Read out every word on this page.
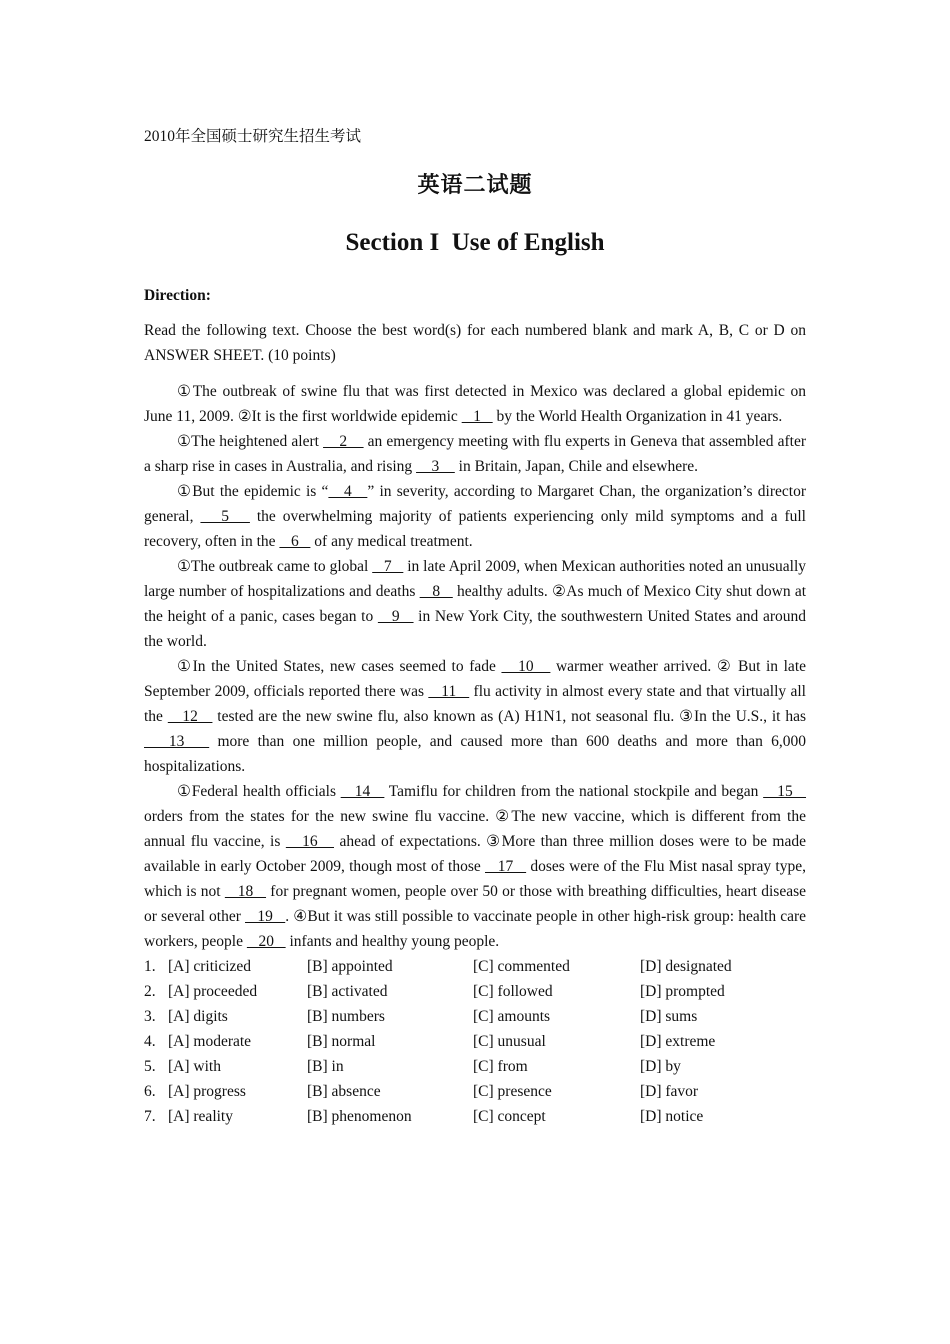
2010年全国硕士研究生招生考试
英语二试题
Section I  Use of English
Direction:
Read the following text. Choose the best word(s) for each numbered blank and mark A, B, C or D on ANSWER SHEET. (10 points)

①The outbreak of swine flu that was first detected in Mexico was declared a global epidemic on June 11, 2009. ②It is the first worldwide epidemic    1    by the World Health Organization in 41 years.

①The heightened alert     2     an emergency meeting with flu experts in Geneva that assembled after a sharp rise in cases in Australia, and rising     3     in Britain, Japan, Chile and elsewhere.

①But the epidemic is “   4   ” in severity, according to Margaret Chan, the organization’s director general,    5    the overwhelming majority of patients experiencing only mild symptoms and a full recovery, often in the    6    of any medical treatment.

①The outbreak came to global    7    in late April 2009, when Mexican authorities noted an unusually large number of hospitalizations and deaths    8    healthy adults. ②As much of Mexico City shut down at the height of a panic, cases began to    9    in New York City, the southwestern United States and around the world.

①In the United States, new cases seemed to fade    10    warmer weather arrived. ② But in late September 2009, officials reported there was    11    flu activity in almost every state and that virtually all the    12    tested are the new swine flu, also known as (A) H1N1, not seasonal flu. ③In the U.S., it has    13    more than one million people, and caused more than 600 deaths and more than 6,000 hospitalizations.

①Federal health officials    14    Tamiflu for children from the national stockpile and began    15    orders from the states for the new swine flu vaccine. ②The new vaccine, which is different from the annual flu vaccine, is    16    ahead of expectations. ③More than three million doses were to be made available in early October 2009, though most of those    17    doses were of the Flu Mist nasal spray type, which is not    18    for pregnant women, people over 50 or those with breathing difficulties, heart disease or several other    19   . ④But it was still possible to vaccinate people in other high-risk group: health care workers, people    20    infants and healthy young people.

1. [A] criticized	[B] appointed	[C] commented	[D] designated
2. [A] proceeded	[B] activated	[C] followed	[D] prompted
3. [A] digits	[B] numbers	[C] amounts	[D] sums
4. [A] moderate	[B] normal	[C] unusual	[D] extreme
5. [A] with	[B] in	[C] from	[D] by
6. [A] progress	[B] absence	[C] presence	[D] favor
7. [A] reality	[B] phenomenon	[C] concept	[D] notice
